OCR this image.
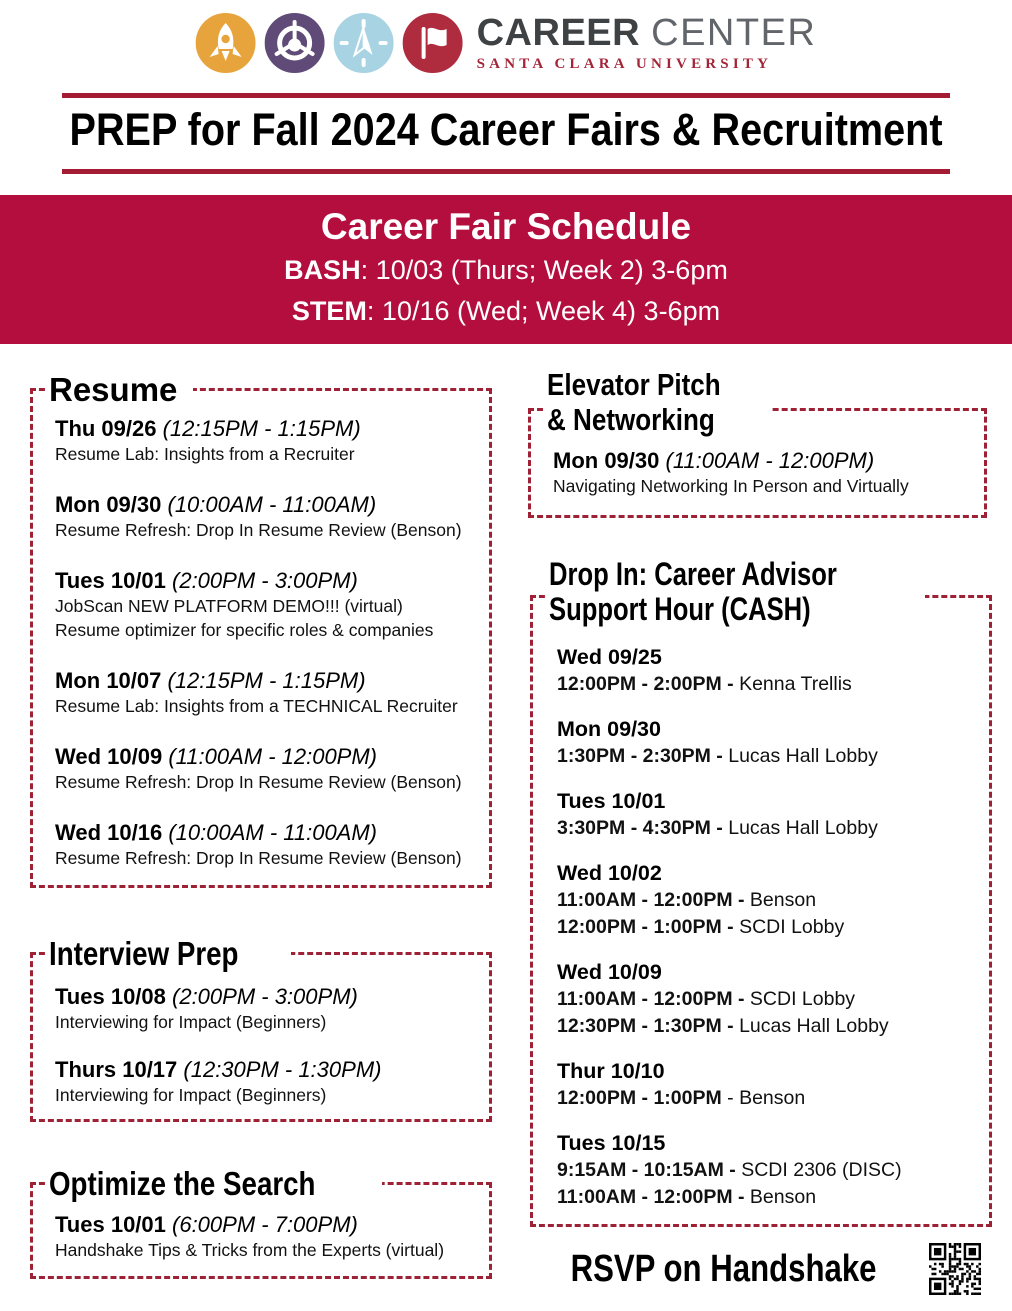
CAREER CENTER
SANTA CLARA UNIVERSITY
PREP for Fall 2024 Career Fairs & Recruitment
Career Fair Schedule
BASH: 10/03 (Thurs; Week 2) 3-6pm
STEM: 10/16 (Wed; Week 4) 3-6pm
Resume
Thu 09/26 (12:15PM - 1:15PM)
Resume Lab: Insights from a Recruiter
Mon 09/30 (10:00AM - 11:00AM)
Resume Refresh: Drop In Resume Review (Benson)
Tues 10/01 (2:00PM - 3:00PM)
JobScan NEW PLATFORM DEMO!!! (virtual)
Resume optimizer for specific roles & companies
Mon 10/07 (12:15PM - 1:15PM)
Resume Lab: Insights from a TECHNICAL Recruiter
Wed 10/09 (11:00AM - 12:00PM)
Resume Refresh: Drop In Resume Review (Benson)
Wed 10/16 (10:00AM - 11:00AM)
Resume Refresh: Drop In Resume Review (Benson)
Interview Prep
Tues 10/08 (2:00PM - 3:00PM)
Interviewing for Impact (Beginners)
Thurs 10/17 (12:30PM - 1:30PM)
Interviewing for Impact (Beginners)
Optimize the Search
Tues 10/01 (6:00PM - 7:00PM)
Handshake Tips & Tricks from the Experts (virtual)
Elevator Pitch
& Networking
Mon 09/30 (11:00AM - 12:00PM)
Navigating Networking In Person and Virtually
Drop In: Career Advisor
Support Hour (CASH)
Wed 09/25
12:00PM - 2:00PM - Kenna Trellis
Mon 09/30
1:30PM - 2:30PM - Lucas Hall Lobby
Tues 10/01
3:30PM - 4:30PM - Lucas Hall Lobby
Wed 10/02
11:00AM - 12:00PM - Benson
12:00PM - 1:00PM - SCDI Lobby
Wed 10/09
11:00AM - 12:00PM - SCDI Lobby
12:30PM - 1:30PM - Lucas Hall Lobby
Thur 10/10
12:00PM - 1:00PM - Benson
Tues 10/15
9:15AM - 10:15AM - SCDI 2306 (DISC)
11:00AM - 12:00PM - Benson
RSVP on Handshake
